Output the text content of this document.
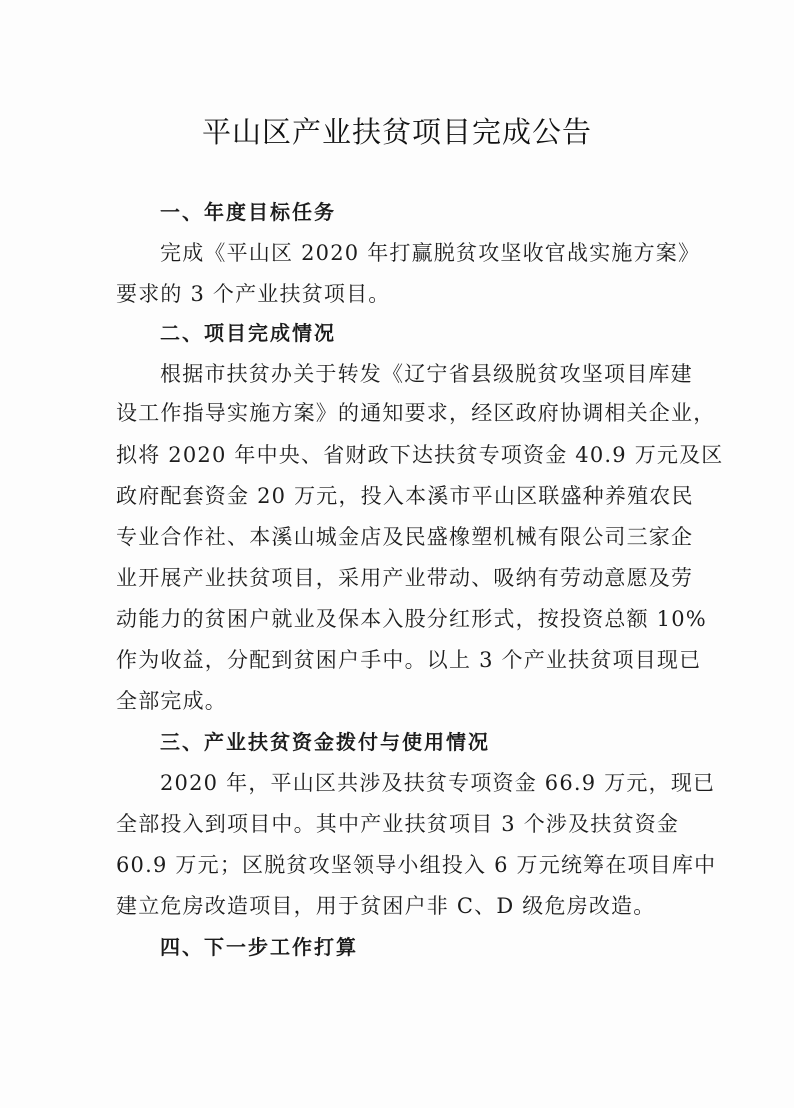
平山区产业扶贫项目完成公告
一、年度目标任务
完成《平山区 2020 年打赢脱贫攻坚收官战实施方案》
要求的 3 个产业扶贫项目。
二、项目完成情况
根据市扶贫办关于转发《辽宁省县级脱贫攻坚项目库建
设工作指导实施方案》的通知要求，经区政府协调相关企业，
拟将 2020 年中央、省财政下达扶贫专项资金 40.9 万元及区
政府配套资金 20 万元，投入本溪市平山区联盛种养殖农民
专业合作社、本溪山城金店及民盛橡塑机械有限公司三家企
业开展产业扶贫项目，采用产业带动、吸纳有劳动意愿及劳
动能力的贫困户就业及保本入股分红形式，按投资总额 10%
作为收益，分配到贫困户手中。以上 3 个产业扶贫项目现已
全部完成。
三、产业扶贫资金拨付与使用情况
2020 年，平山区共涉及扶贫专项资金 66.9 万元，现已
全部投入到项目中。其中产业扶贫项目 3 个涉及扶贫资金
60.9 万元；区脱贫攻坚领导小组投入 6 万元统筹在项目库中
建立危房改造项目，用于贫困户非 C、D 级危房改造。
四、下一步工作打算
